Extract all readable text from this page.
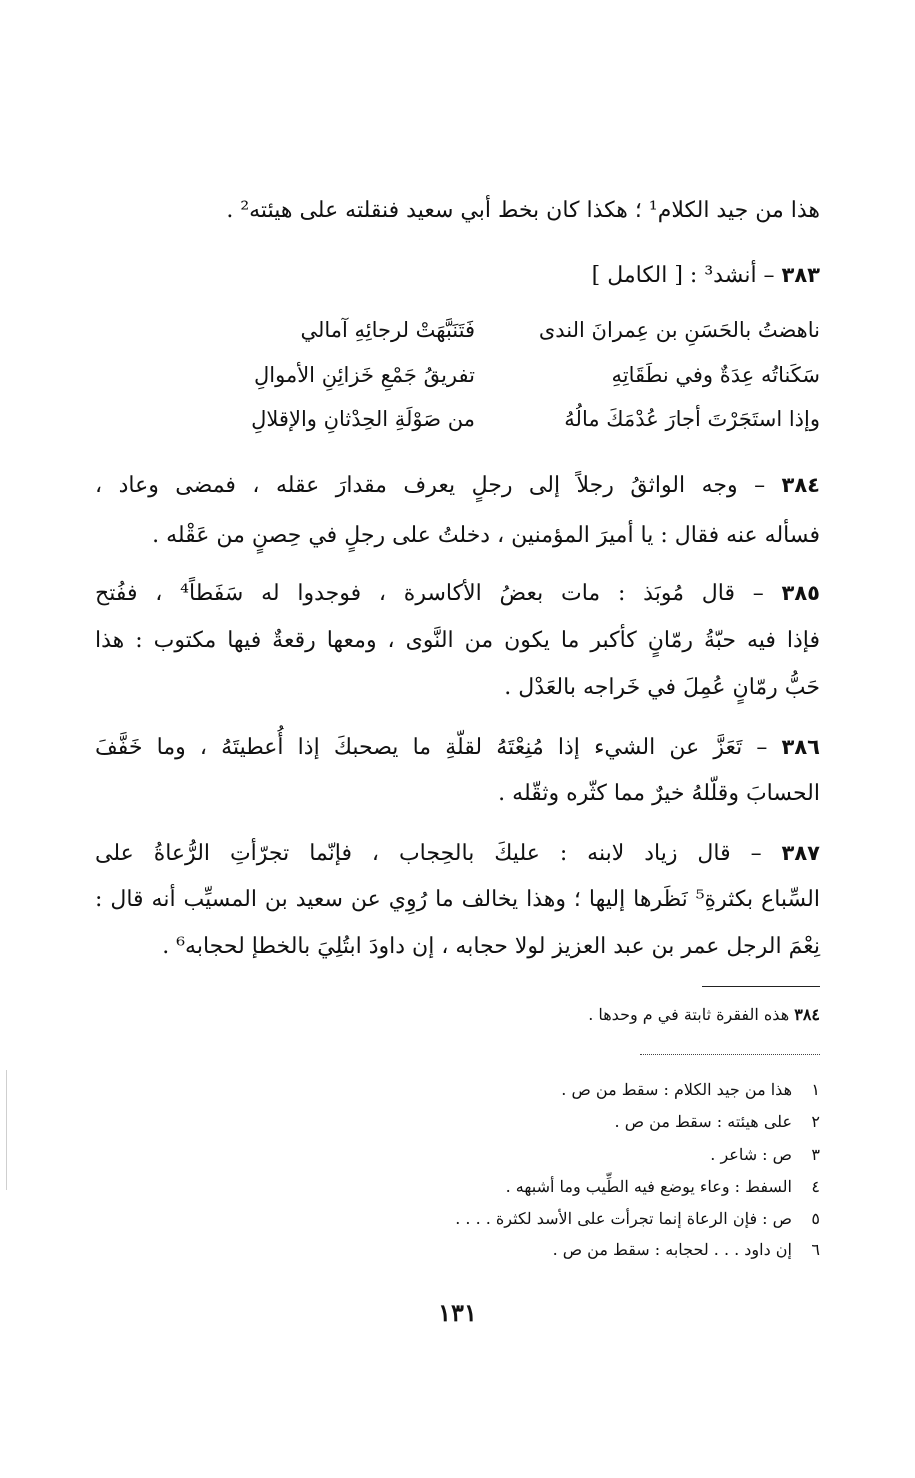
هذا من جيد الكلام¹ ؛ هكذا كان بخط أبي سعيد فنقلته على هيئته² .
٣٨٣ – أنشد³ : [ الكامل ]
ناهضتُ بالحَسَنِ بن عِمرانَ الندى
فَتَنَبَّهَتْ لرجائِهِ آمالي
سَكَناتُه عِدَةٌ وفي نطَقَاتِهِ
تفريقُ جَمْعِ خَزائِنِ الأموالِ
وإذا استَجَرْتَ أجارَ عُدْمَكَ مالُهُ
من صَوْلَةِ الحِدْثانِ والإقلالِ
٣٨٤ – وجه الواثقُ رجلاً إلى رجلٍ يعرف مقدارَ عقله ، فمضى وعاد ،
فسأله عنه فقال : يا أميرَ المؤمنين ، دخلتُ على رجلٍ في حِصنٍ من عَقْله .
٣٨٥ – قال مُوبَذ : مات بعضُ الأكاسرة ، فوجدوا له سَفَطاً⁴ ، ففُتح
فإذا فيه حبّةُ رمّانٍ كأكبر ما يكون من النَّوى ، ومعها رقعةٌ فيها مكتوب : هذا
حَبُّ رمّانٍ عُمِلَ في خَراجه بالعَدْل .
٣٨٦ – تَعَزَّ عن الشيء إذا مُنِعْتَهُ لقلّةِ ما يصحبكَ إذا أُعطيتَهُ ، وما خَفَّفَ
الحسابَ وقلّلهُ خيرٌ مما كثّره وثقّله .
٣٨٧ – قال زياد لابنه : عليكَ بالحِجاب ، فإنّما تجرّأتِ الرُّعاةُ على
السِّباع بكثرةِ⁵ نَظَرها إليها ؛ وهذا يخالف ما رُوِي عن سعيد بن المسيِّب أنه قال :
نِعْمَ الرجل عمر بن عبد العزيز لولا حجابه ، إن داودَ ابتُلِيَ بالخطإ لحجابه⁶ .
٣٨٤ هذه الفقرة ثابتة في م وحدها .
١هذا من جيد الكلام : سقط من ص .
٢على هيئته : سقط من ص .
٣ص : شاعر .
٤السفط : وعاء يوضع فيه الطِّيب وما أشبهه .
٥ص : فإن الرعاة إنما تجرأت على الأسد لكثرة . . . .
٦إن داود . . . لحجابه : سقط من ص .
١٣١
